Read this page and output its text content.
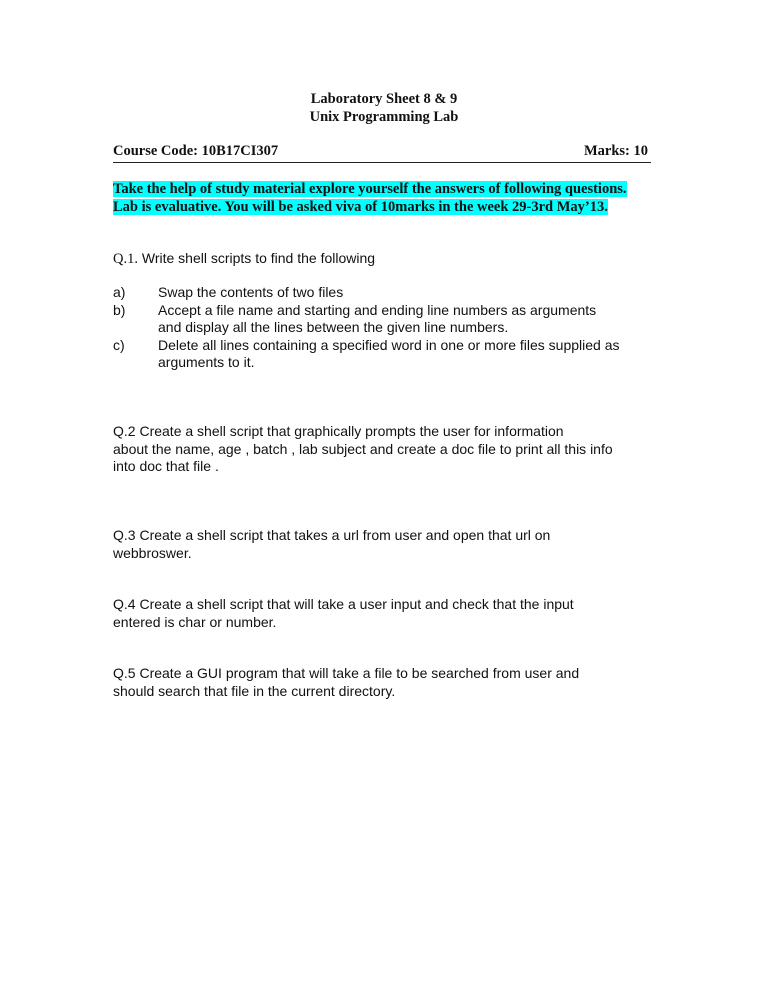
Laboratory Sheet 8 & 9
Unix Programming Lab
Course Code: 10B17CI307	Marks: 10
Take the help of study material explore yourself the answers of following questions.
Lab is evaluative. You will be asked viva of 10marks in the week 29-3rd May’13.
Q.1. Write shell scripts to find the following
a) Swap the contents of two files
b) Accept a file name and starting and ending line numbers as arguments
and display all the lines between the given line numbers.
c) Delete all lines containing a specified word in one or more files supplied as
arguments to it.
Q.2 Create a shell script that graphically prompts the user for information
about the name, age , batch , lab subject and create a doc file to print all this info
into doc that file .
Q.3 Create a shell script that takes a url from user and open that url on
webbroswer.
Q.4 Create a shell script that will take a user input and check that the input
entered is char or number.
Q.5 Create a GUI program that will take a file to be searched from user and
should search that file in the current directory.
